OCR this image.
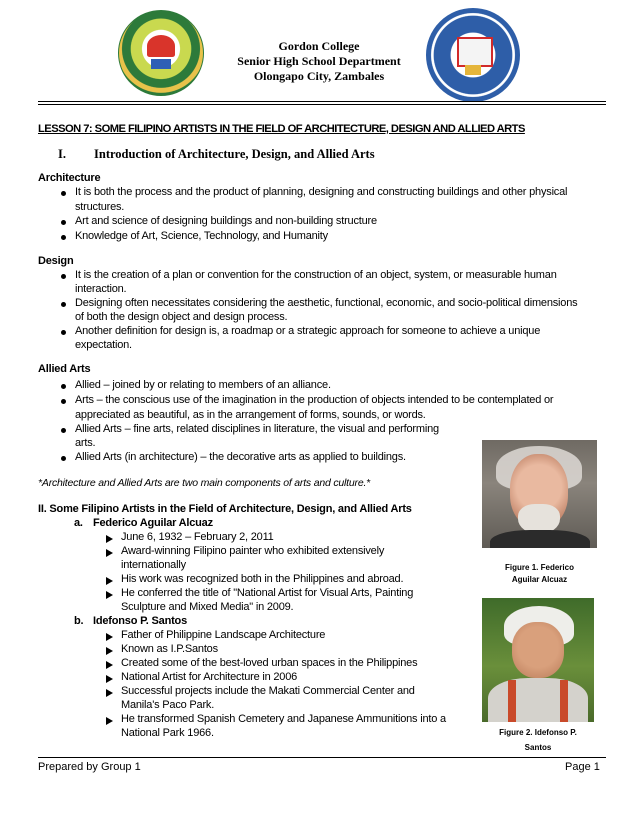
Gordon College
Senior High School Department
Olongapo City, Zambales
LESSON 7: SOME FILIPINO ARTISTS IN THE FIELD OF ARCHITECTURE, DESIGN AND ALLIED ARTS
I. Introduction of Architecture, Design, and Allied Arts
Architecture
It is both the process and the product of planning, designing and constructing buildings and other physical
structures.
Art and science of designing buildings and non-building structure
Knowledge of Art, Science, Technology, and Humanity
Design
It is the creation of a plan or convention for the construction of an object, system, or measurable human
interaction.
Designing often necessitates considering the aesthetic, functional, economic, and socio-political dimensions
of both the design object and design process.
Another definition for design is, a roadmap or a strategic approach for someone to achieve a unique
expectation.
Allied Arts
Allied – joined by or relating to members of an alliance.
Arts – the conscious use of the imagination in the production of objects intended to be contemplated or
appreciated as beautiful, as in the arrangement of forms, sounds, or words.
Allied Arts – fine arts, related disciplines in literature, the visual and performing
arts.
Allied Arts (in architecture) – the decorative arts as applied to buildings.
*Architecture and Allied Arts are two main components of arts and culture.*
II. Some Filipino Artists in the Field of Architecture, Design, and Allied Arts
a. Federico Aguilar Alcuaz
June 6, 1932 – February 2, 2011
Award-winning Filipino painter who exhibited extensively
internationally
His work was recognized both in the Philippines and abroad.
He conferred the title of "National Artist for Visual Arts, Painting
Sculpture and Mixed Media" in 2009.
b. Idefonso P. Santos
Father of Philippine Landscape Architecture
Known as I.P.Santos
Created some of the best-loved urban spaces in the Philippines
National Artist for Architecture in 2006
Successful projects include the Makati Commercial Center and
Manila's Paco Park.
He transformed Spanish Cemetery and Japanese Ammunitions into a
National Park 1966.
Figure 1. Federico
Aguilar Alcuaz
Figure 2. Idefonso P.
Santos
Prepared by Group 1	Page 1
